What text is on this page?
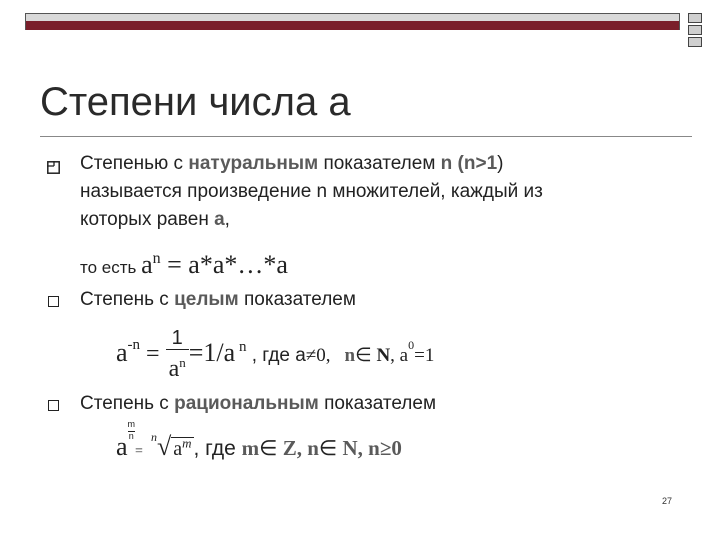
Степени числа а
Степенью с натуральным показателем n (n>1)
называется произведение n множителей, каждый из
которых равен а,
то есть $a^n$ = a*a*…*a
Степень с целым показателем
$a^{-n} = \frac{1}{a^n} =1/a$ $^n$ , где a≠0, n∈ N, $a^0=1$
Степень с рациональным показателем
a
$\frac{m}{n}$
= $^n$√ $a^m$, где m∈ Z, n∈ N, n≥0
27
